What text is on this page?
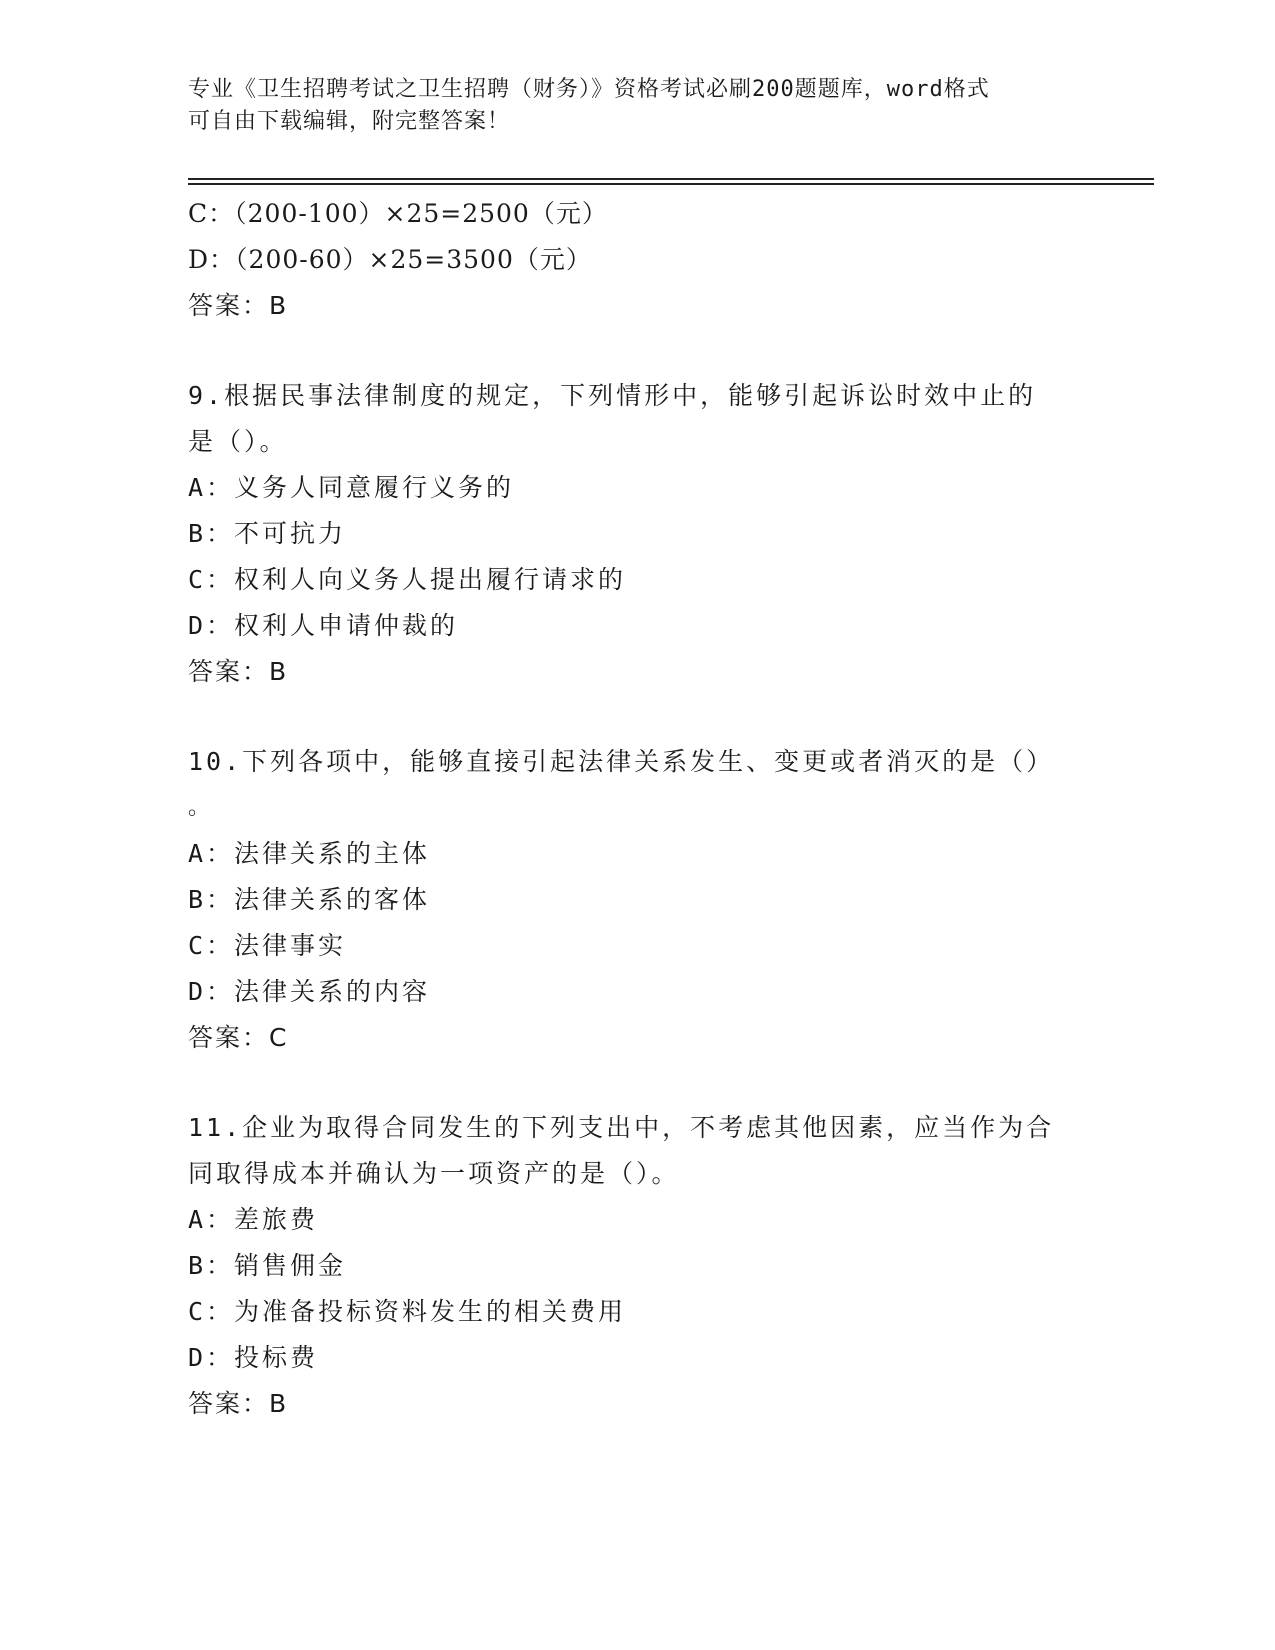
专业《卫生招聘考试之卫生招聘（财务）》资格考试必刷200题题库，word格式
可自由下载编辑，附完整答案！
C：（200-100）×25=2500（元）
D：（200-60）×25=3500（元）
答案：B
9.根据民事法律制度的规定，下列情形中，能够引起诉讼时效中止的
是（）。
A：义务人同意履行义务的
B：不可抗力
C：权利人向义务人提出履行请求的
D：权利人申请仲裁的
答案：B
10.下列各项中，能够直接引起法律关系发生、变更或者消灭的是（）
。
A：法律关系的主体
B：法律关系的客体
C：法律事实
D：法律关系的内容
答案：C
11.企业为取得合同发生的下列支出中，不考虑其他因素，应当作为合
同取得成本并确认为一项资产的是（）。
A：差旅费
B：销售佣金
C：为准备投标资料发生的相关费用
D：投标费
答案：B
